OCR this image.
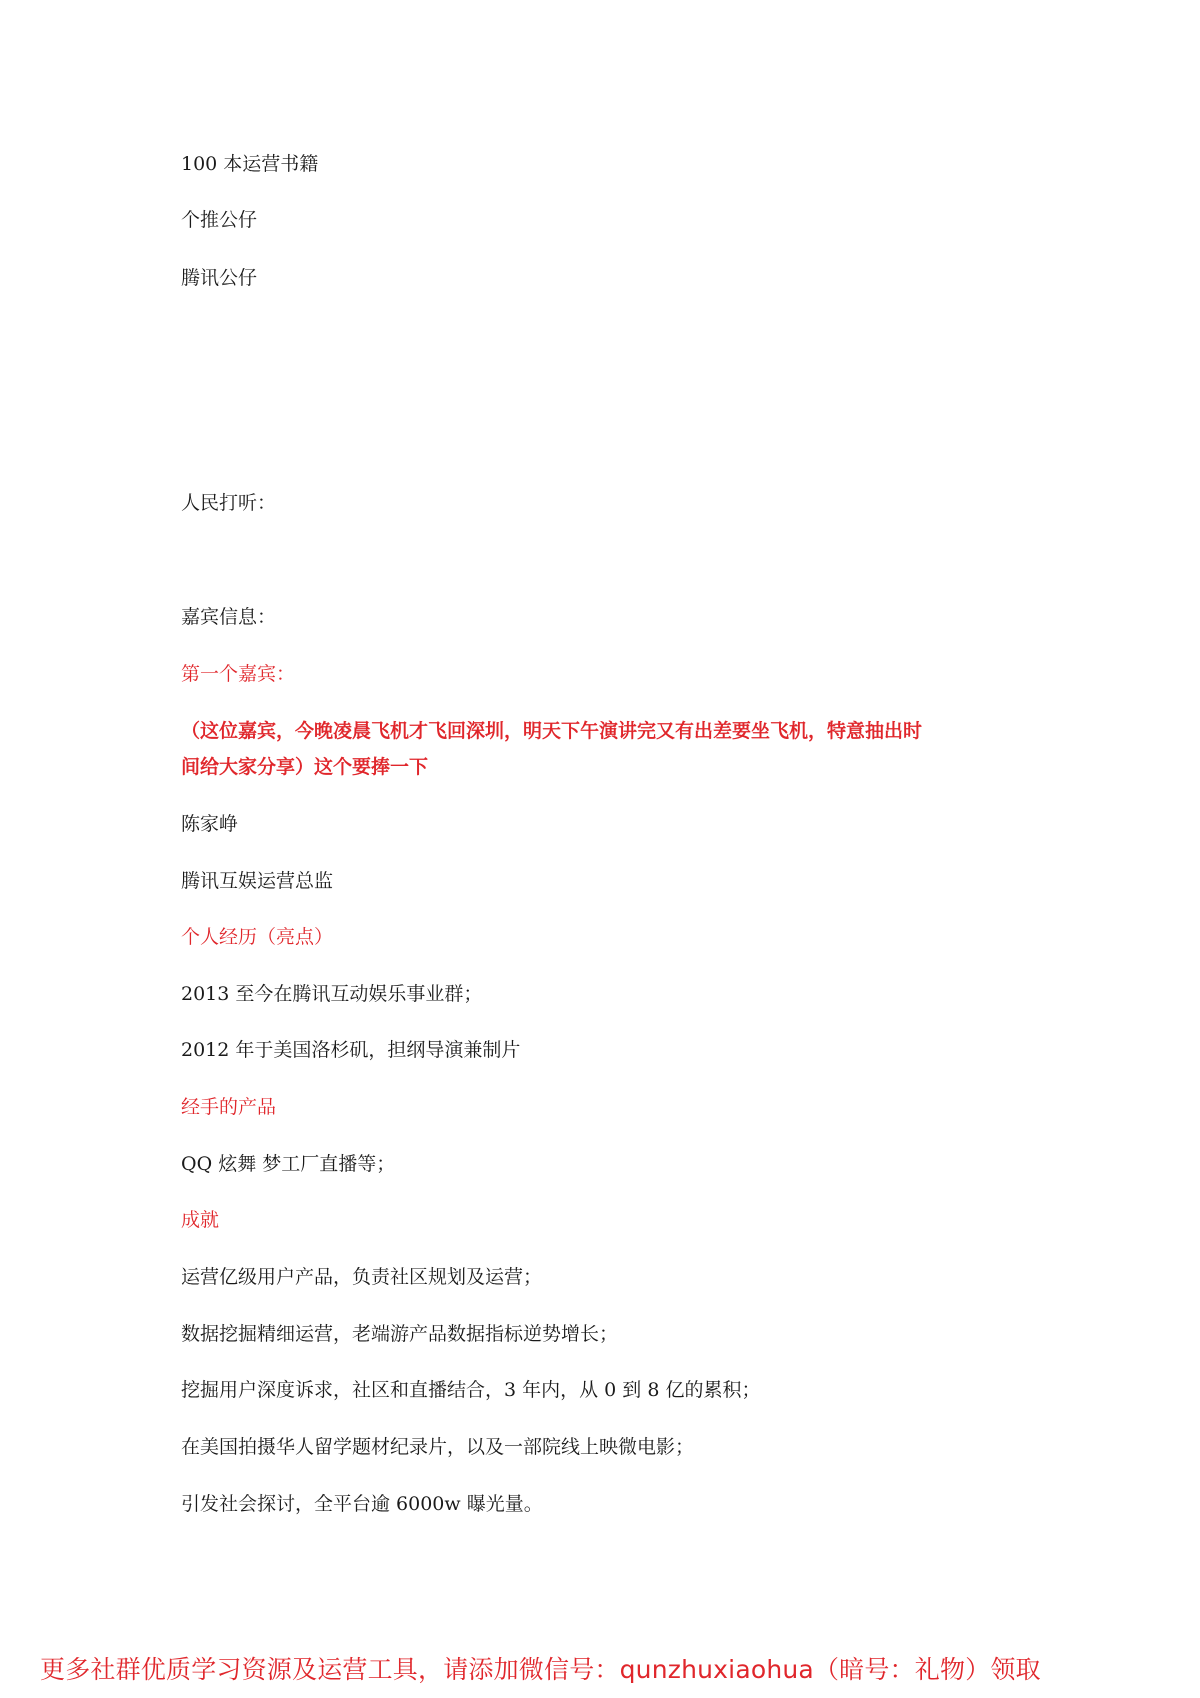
100 本运营书籍
个推公仔
腾讯公仔
人民打听：
嘉宾信息：
第一个嘉宾：
（这位嘉宾，今晚凌晨飞机才飞回深圳，明天下午演讲完又有出差要坐飞机，特意抽出时
间给大家分享）这个要捧一下
陈家峥
腾讯互娱运营总监
个人经历（亮点）
2013 至今在腾讯互动娱乐事业群；
2012 年于美国洛杉矶，担纲导演兼制片
经手的产品
QQ 炫舞 梦工厂直播等；
成就
运营亿级用户产品，负责社区规划及运营；
数据挖掘精细运营，老端游产品数据指标逆势增长；
挖掘用户深度诉求，社区和直播结合，3 年内，从 0 到 8 亿的累积；
在美国拍摄华人留学题材纪录片，以及一部院线上映微电影；
引发社会探讨，全平台逾 6000w 曝光量。
更多社群优质学习资源及运营工具，请添加微信号：qunzhuxiaohua（暗号：礼物）领取
